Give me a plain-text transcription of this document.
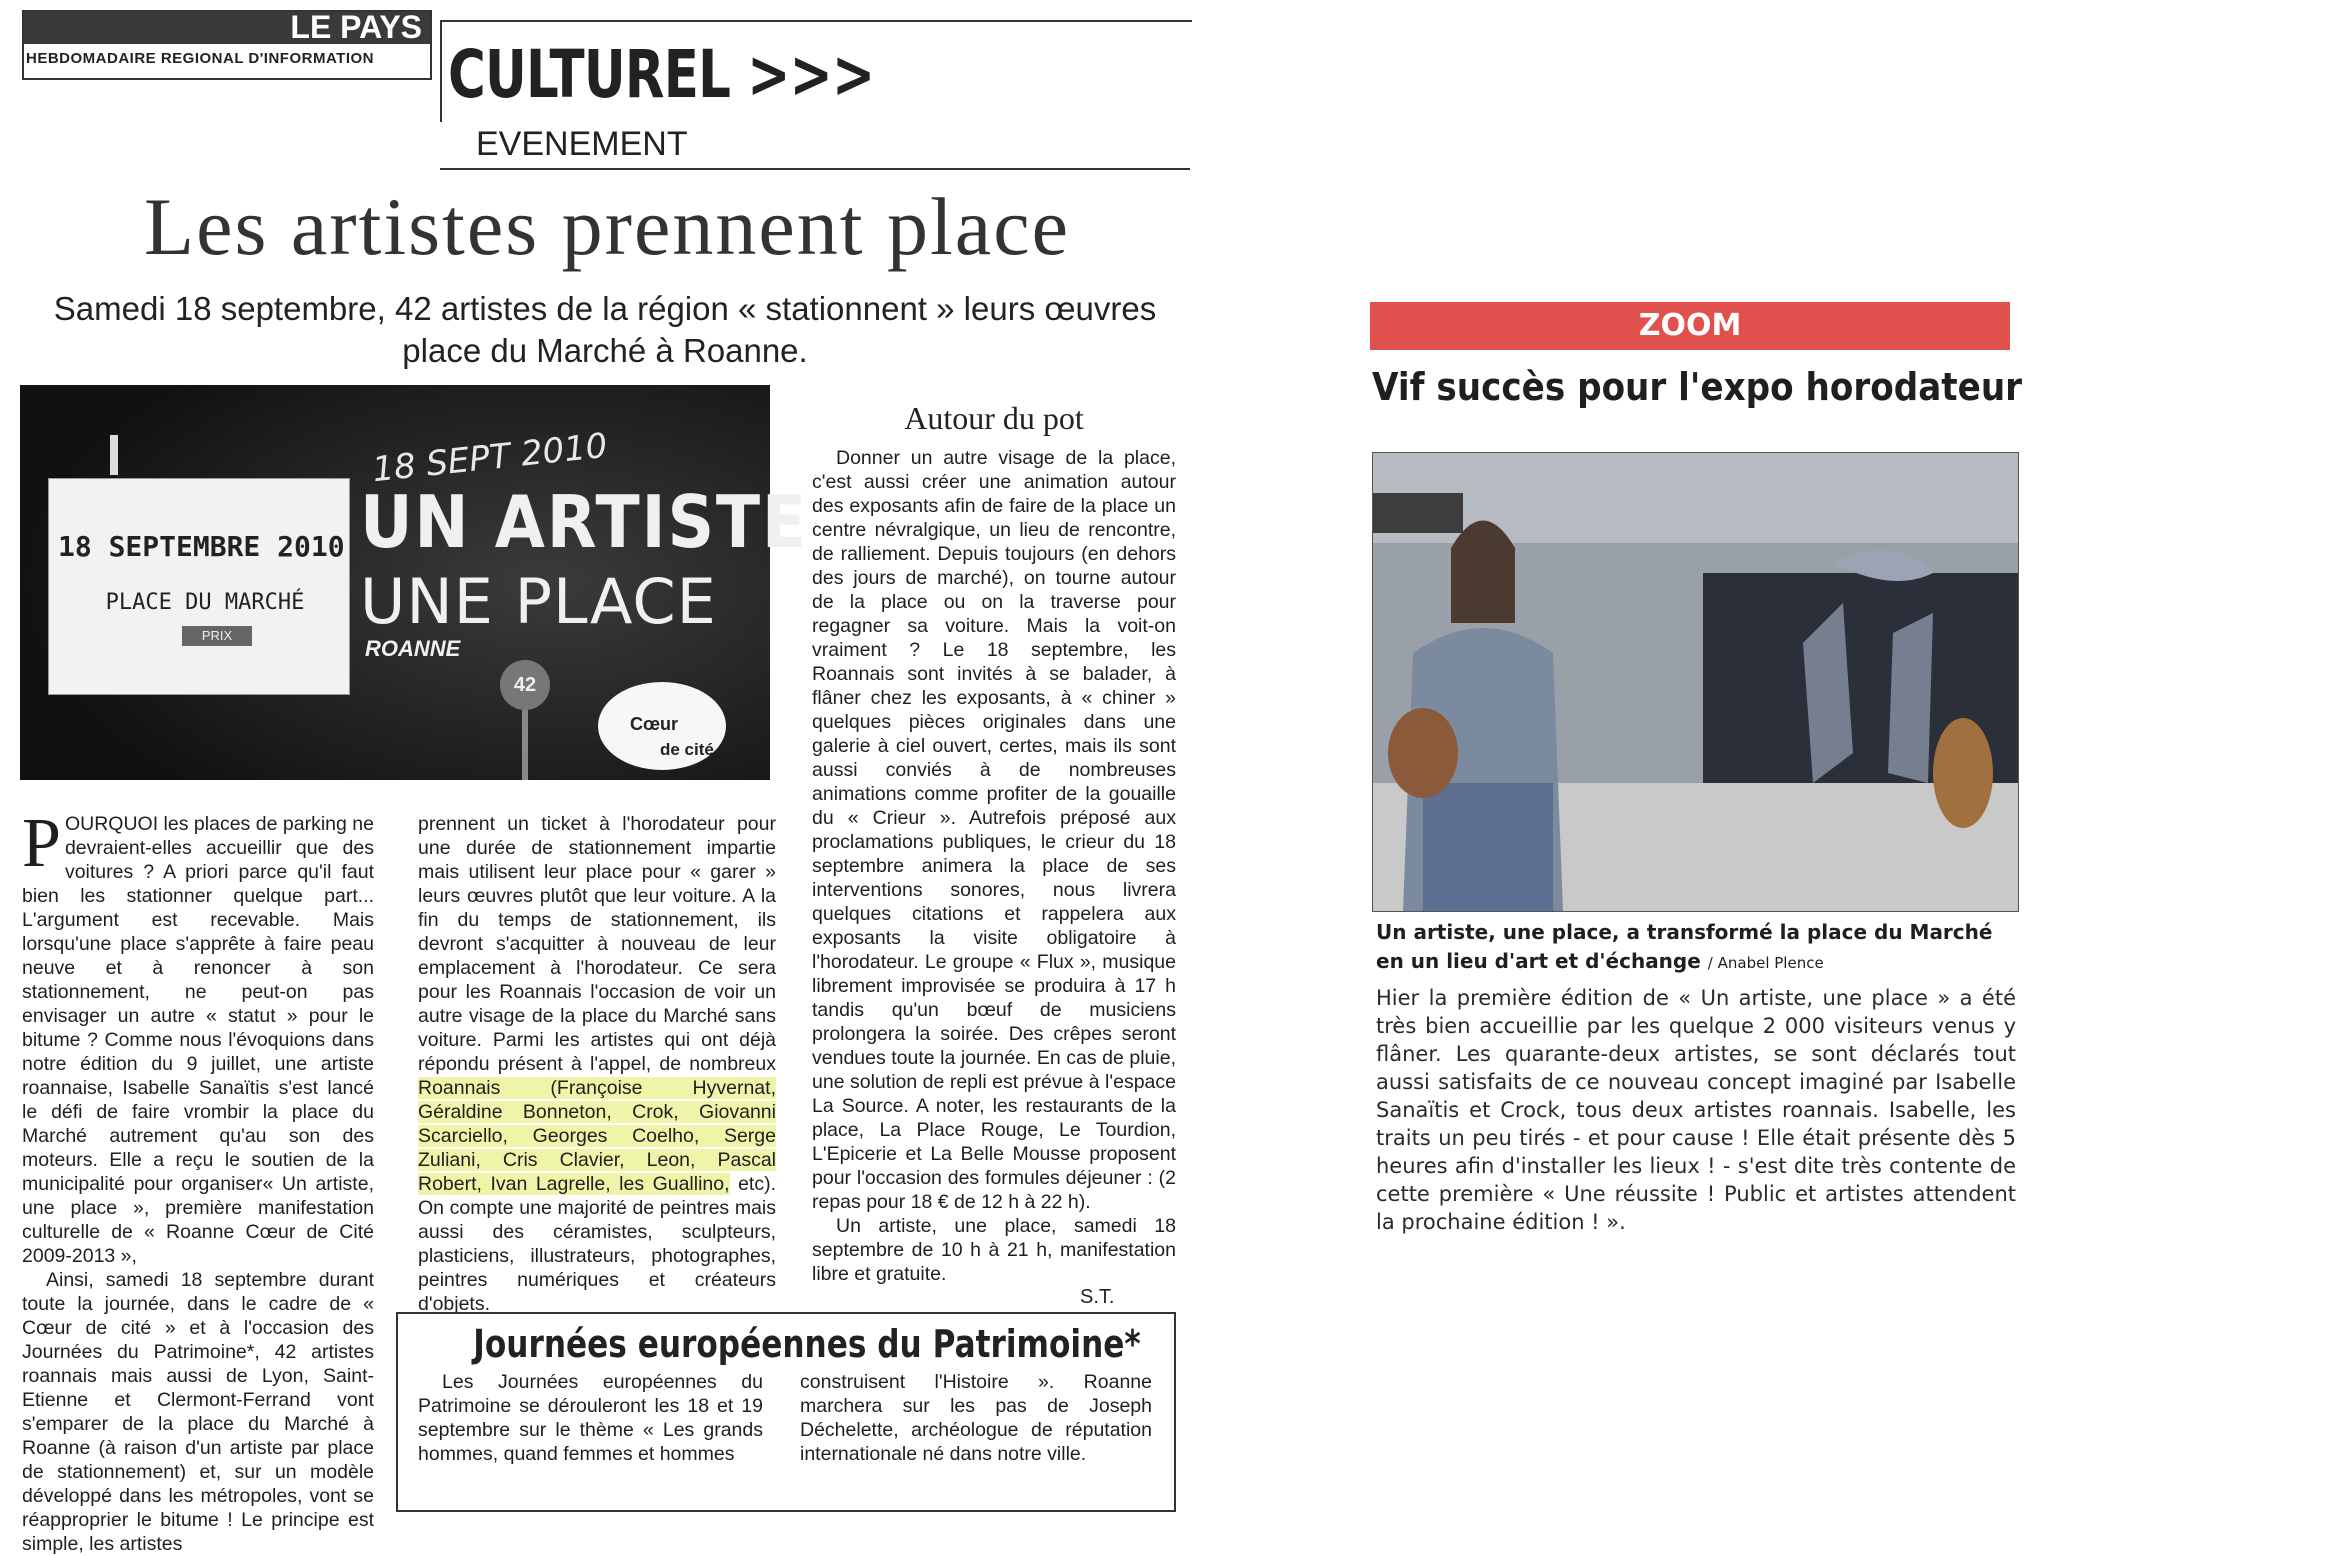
LE PAYS
HEBDOMADAIRE REGIONAL D'INFORMATION	CULTUREL >>>
EVENEMENT
Les artistes prennent place
Samedi 18 septembre, 42 artistes de la région « stationnent » leurs œuvres place du Marché à Roanne.
18 SEPTEMBRE 2010
PLACE DU MARCHÉ
PRIX
18 SEPT 2010
UN ARTISTE
UNE PLACE
ROANNE
42
Cœur
de cité
POURQUOI les places de parking ne devraient-elles accueillir que des voitures ? A priori parce qu'il faut bien les stationner quelque part... L'argument est recevable. Mais lorsqu'une place s'apprête à faire peau neuve et à renoncer à son stationnement, ne peut-on pas envisager un autre « statut » pour le bitume ? Comme nous l'évoquions dans notre édition du 9 juillet, une artiste roannaise, Isabelle Sanaïtis s'est lancé le défi de faire vrombir la place du Marché autrement qu'au son des moteurs. Elle a reçu le soutien de la municipalité pour organiser« Un artiste, une place », première manifestation culturelle de « Roanne Cœur de Cité 2009-2013 »,
Ainsi, samedi 18 septembre durant toute la journée, dans le cadre de « Cœur de cité » et à l'occasion des Journées du Patrimoine*, 42 artistes roannais mais aussi de Lyon, Saint-Etienne et Clermont-Ferrand vont s'emparer de la place du Marché à Roanne (à raison d'un artiste par place de stationnement) et, sur un modèle développé dans les métropoles, vont se réapproprier le bitume ! Le principe est simple, les artistes
prennent un ticket à l'horodateur pour une durée de stationnement impartie mais utilisent leur place pour « garer » leurs œuvres plutôt que leur voiture. A la fin du temps de stationnement, ils devront s'acquitter à nouveau de leur emplacement à l'horodateur. Ce sera pour les Roannais l'occasion de voir un autre visage de la place du Marché sans voiture. Parmi les artistes qui ont déjà répondu présent à l'appel, de nombreux Roannais (Françoise Hyvernat, Géraldine Bonneton, Crok, Giovanni Scarciello, Georges Coelho, Serge Zuliani, Cris Clavier, Leon, Pascal Robert, Ivan Lagrelle, les Guallino, etc). On compte une majorité de peintres mais aussi des céramistes, sculpteurs, plasticiens, illustrateurs, photographes, peintres numériques et créateurs d'objets.
Autour du pot
Donner un autre visage de la place, c'est aussi créer une animation autour des exposants afin de faire de la place un centre névralgique, un lieu de rencontre, de ralliement. Depuis toujours (en dehors des jours de marché), on tourne autour de la place ou on la traverse pour regagner sa voiture. Mais la voit-on vraiment ? Le 18 septembre, les Roannais sont invités à se balader, à flâner chez les exposants, à « chiner » quelques pièces originales dans une galerie à ciel ouvert, certes, mais ils sont aussi conviés à de nombreuses animations comme profiter de la gouaille du « Crieur ». Autrefois préposé aux proclamations publiques, le crieur du 18 septembre animera la place de ses interventions sonores, nous livrera quelques citations et rappelera aux exposants la visite obligatoire à l'horodateur. Le groupe « Flux », musique librement improvisée se produira à 17 h tandis qu'un bœuf de musiciens prolongera la soirée. Des crêpes seront vendues toute la journée. En cas de pluie, une solution de repli est prévue à l'espace La Source. A noter, les restaurants de la place, La Place Rouge, Le Tourdion, L'Epicerie et La Belle Mousse proposent pour l'occasion des formules déjeuner : (2 repas pour 18 € de 12 h à 22 h).
Un artiste, une place, samedi 18 septembre de 10 h à 21 h, manifestation libre et gratuite.
S.T.
Journées européennes du Patrimoine*
Les Journées européennes du Patrimoine se dérouleront les 18 et 19 septembre sur le thème « Les grands hommes, quand femmes et hommes
construisent l'Histoire ». Roanne marchera sur les pas de Joseph Déchelette, archéologue de réputation internationale né dans notre ville.
ZOOM
Vif succès pour l'expo horodateur
Un artiste, une place, a transformé la place du Marché en un lieu d'art et d'échange / Anabel Plence
Hier la première édition de « Un artiste, une place » a été très bien accueillie par les quelque 2 000 visiteurs venus y flâner. Les quarante-deux artistes, se sont déclarés tout aussi satisfaits de ce nouveau concept imaginé par Isabelle Sanaïtis et Crock, tous deux artistes roannais. Isabelle, les traits un peu tirés - et pour cause ! Elle était présente dès 5 heures afin d'installer les lieux ! - s'est dite très contente de cette première « Une réussite ! Public et artistes attendent la prochaine édition ! ».
